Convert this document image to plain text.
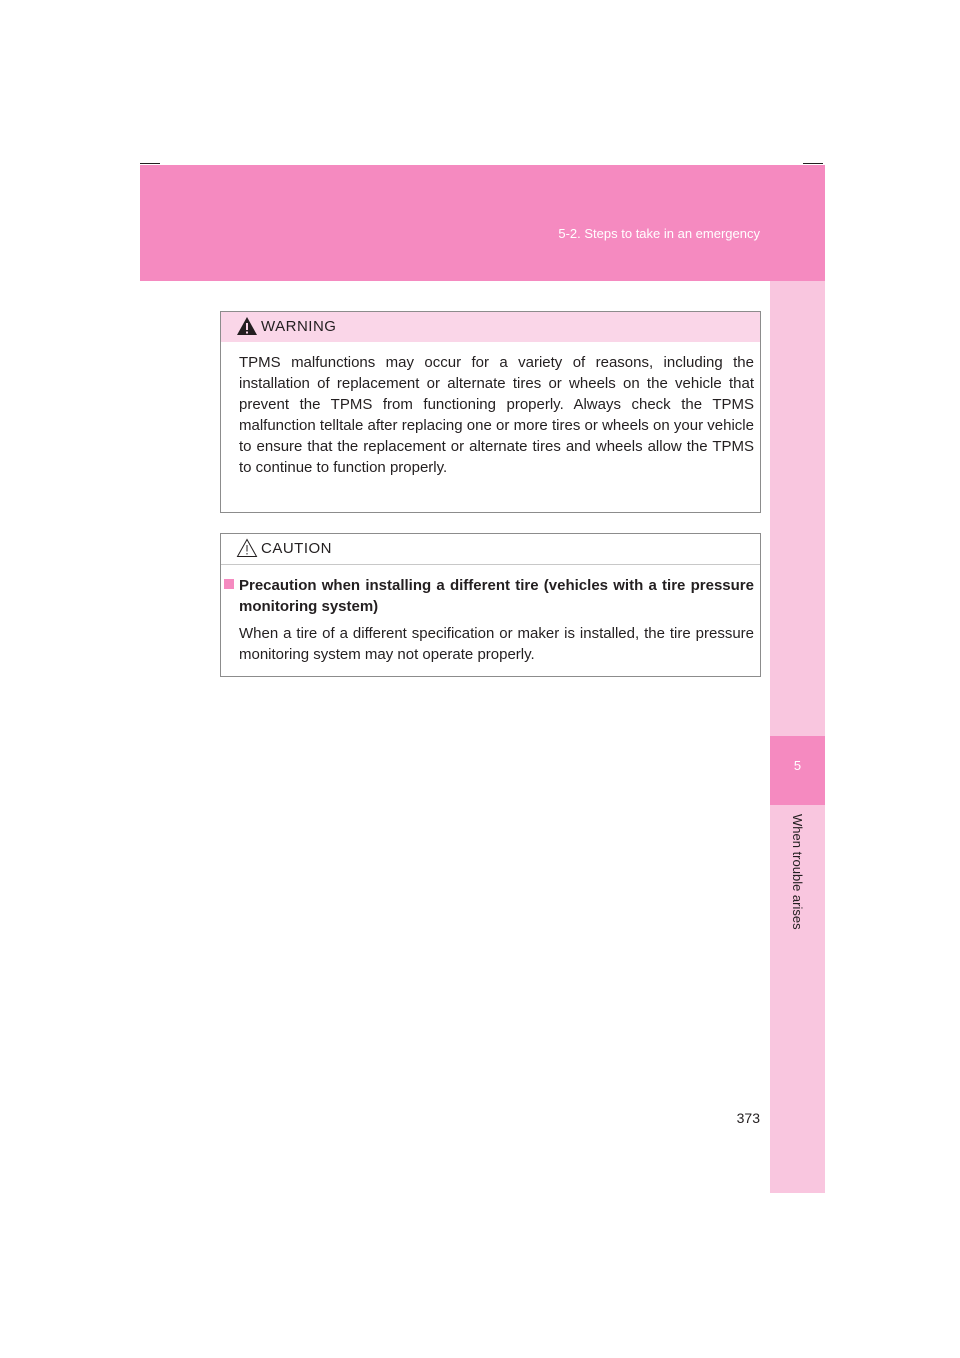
5-2. Steps to take in an emergency
5
When trouble arises
WARNING
TPMS malfunctions may occur for a variety of reasons, including the installation of replacement or alternate tires or wheels on the vehicle that prevent the TPMS from functioning properly. Always check the TPMS malfunction telltale after replacing one or more tires or wheels on your vehicle to ensure that the replacement or alternate tires and wheels allow the TPMS to continue to function properly.
CAUTION
Precaution when installing a different tire (vehicles with a tire pressure monitoring system)
When a tire of a different specification or maker is installed, the tire pressure monitoring system may not operate properly.
373
